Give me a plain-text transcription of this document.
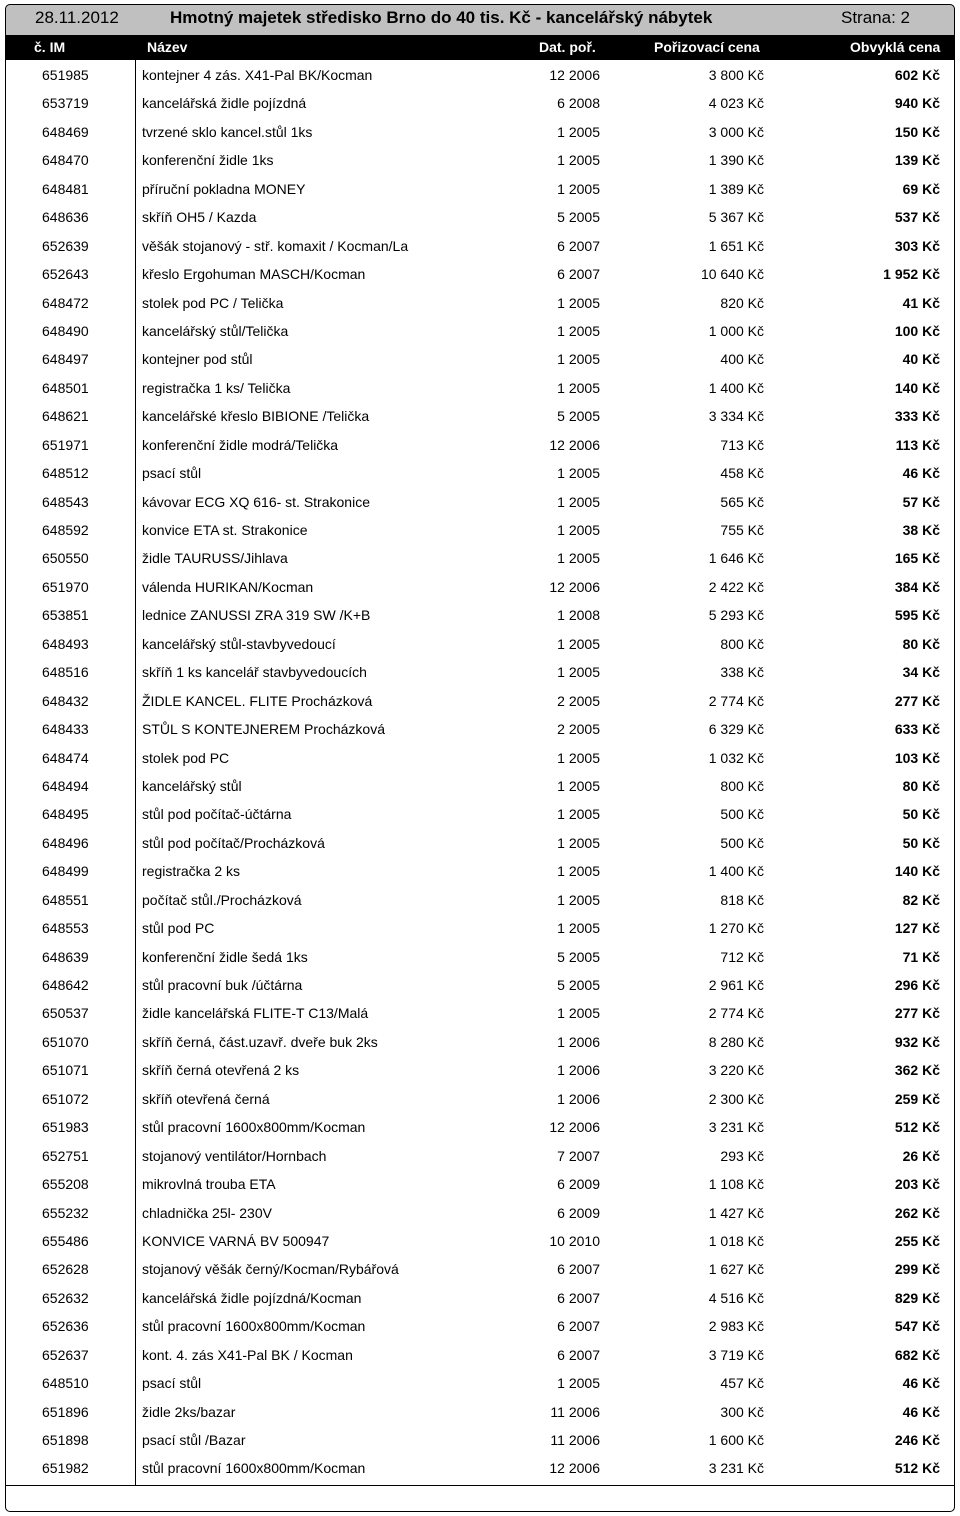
28.11.2012	Hmotný majetek středisko Brno do 40 tis. Kč - kancelářský nábytek	Strana: 2
č. IM	Název	Dat. poř.	Pořizovací cena	Obvyklá cena
651985	kontejner 4 zás. X41-Pal BK/Kocman	12 2006	3 800 Kč	602 Kč
653719	kancelářská židle pojízdná	6 2008	4 023 Kč	940 Kč
648469	tvrzené sklo kancel.stůl 1ks	1 2005	3 000 Kč	150 Kč
648470	konferenční židle 1ks	1 2005	1 390 Kč	139 Kč
648481	příruční pokladna MONEY	1 2005	1 389 Kč	69 Kč
648636	skříň OH5 / Kazda	5 2005	5 367 Kč	537 Kč
652639	věšák stojanový - stř. komaxit / Kocman/La	6 2007	1 651 Kč	303 Kč
652643	křeslo Ergohuman MASCH/Kocman	6 2007	10 640 Kč	1 952 Kč
648472	stolek pod PC / Telička	1 2005	820 Kč	41 Kč
648490	kancelářský stůl/Telička	1 2005	1 000 Kč	100 Kč
648497	kontejner pod stůl	1 2005	400 Kč	40 Kč
648501	registračka 1 ks/ Telička	1 2005	1 400 Kč	140 Kč
648621	kancelářské křeslo BIBIONE /Telička	5 2005	3 334 Kč	333 Kč
651971	konferenční židle modrá/Telička	12 2006	713 Kč	113 Kč
648512	psací stůl	1 2005	458 Kč	46 Kč
648543	kávovar ECG XQ 616- st. Strakonice	1 2005	565 Kč	57 Kč
648592	konvice ETA st. Strakonice	1 2005	755 Kč	38 Kč
650550	židle TAURUSS/Jihlava	1 2005	1 646 Kč	165 Kč
651970	válenda HURIKAN/Kocman	12 2006	2 422 Kč	384 Kč
653851	lednice ZANUSSI ZRA 319 SW /K+B	1 2008	5 293 Kč	595 Kč
648493	kancelářský stůl-stavbyvedoucí	1 2005	800 Kč	80 Kč
648516	skříň 1 ks kancelář stavbyvedoucích	1 2005	338 Kč	34 Kč
648432	ŽIDLE KANCEL. FLITE Procházková	2 2005	2 774 Kč	277 Kč
648433	STŮL S KONTEJNEREM Procházková	2 2005	6 329 Kč	633 Kč
648474	stolek pod PC	1 2005	1 032 Kč	103 Kč
648494	kancelářský stůl	1 2005	800 Kč	80 Kč
648495	stůl pod počítač-účtárna	1 2005	500 Kč	50 Kč
648496	stůl pod počítač/Procházková	1 2005	500 Kč	50 Kč
648499	registračka 2 ks	1 2005	1 400 Kč	140 Kč
648551	počítač stůl./Procházková	1 2005	818 Kč	82 Kč
648553	stůl pod PC	1 2005	1 270 Kč	127 Kč
648639	konferenční židle šedá 1ks	5 2005	712 Kč	71 Kč
648642	stůl pracovní buk /účtárna	5 2005	2 961 Kč	296 Kč
650537	židle kancelářská FLITE-T C13/Malá	1 2005	2 774 Kč	277 Kč
651070	skříň černá, část.uzavř. dveře buk 2ks	1 2006	8 280 Kč	932 Kč
651071	skříň černá otevřená 2 ks	1 2006	3 220 Kč	362 Kč
651072	skříň otevřená černá	1 2006	2 300 Kč	259 Kč
651983	stůl pracovní 1600x800mm/Kocman	12 2006	3 231 Kč	512 Kč
652751	stojanový ventilátor/Hornbach	7 2007	293 Kč	26 Kč
655208	mikrovlná trouba ETA	6 2009	1 108 Kč	203 Kč
655232	chladnička 25l- 230V	6 2009	1 427 Kč	262 Kč
655486	KONVICE VARNÁ BV 500947	10 2010	1 018 Kč	255 Kč
652628	stojanový věšák černý/Kocman/Rybářová	6 2007	1 627 Kč	299 Kč
652632	kancelářská židle pojízdná/Kocman	6 2007	4 516 Kč	829 Kč
652636	stůl pracovní 1600x800mm/Kocman	6 2007	2 983 Kč	547 Kč
652637	kont. 4. zás X41-Pal BK / Kocman	6 2007	3 719 Kč	682 Kč
648510	psací stůl	1 2005	457 Kč	46 Kč
651896	židle 2ks/bazar	11 2006	300 Kč	46 Kč
651898	psací stůl /Bazar	11 2006	1 600 Kč	246 Kč
651982	stůl pracovní 1600x800mm/Kocman	12 2006	3 231 Kč	512 Kč
